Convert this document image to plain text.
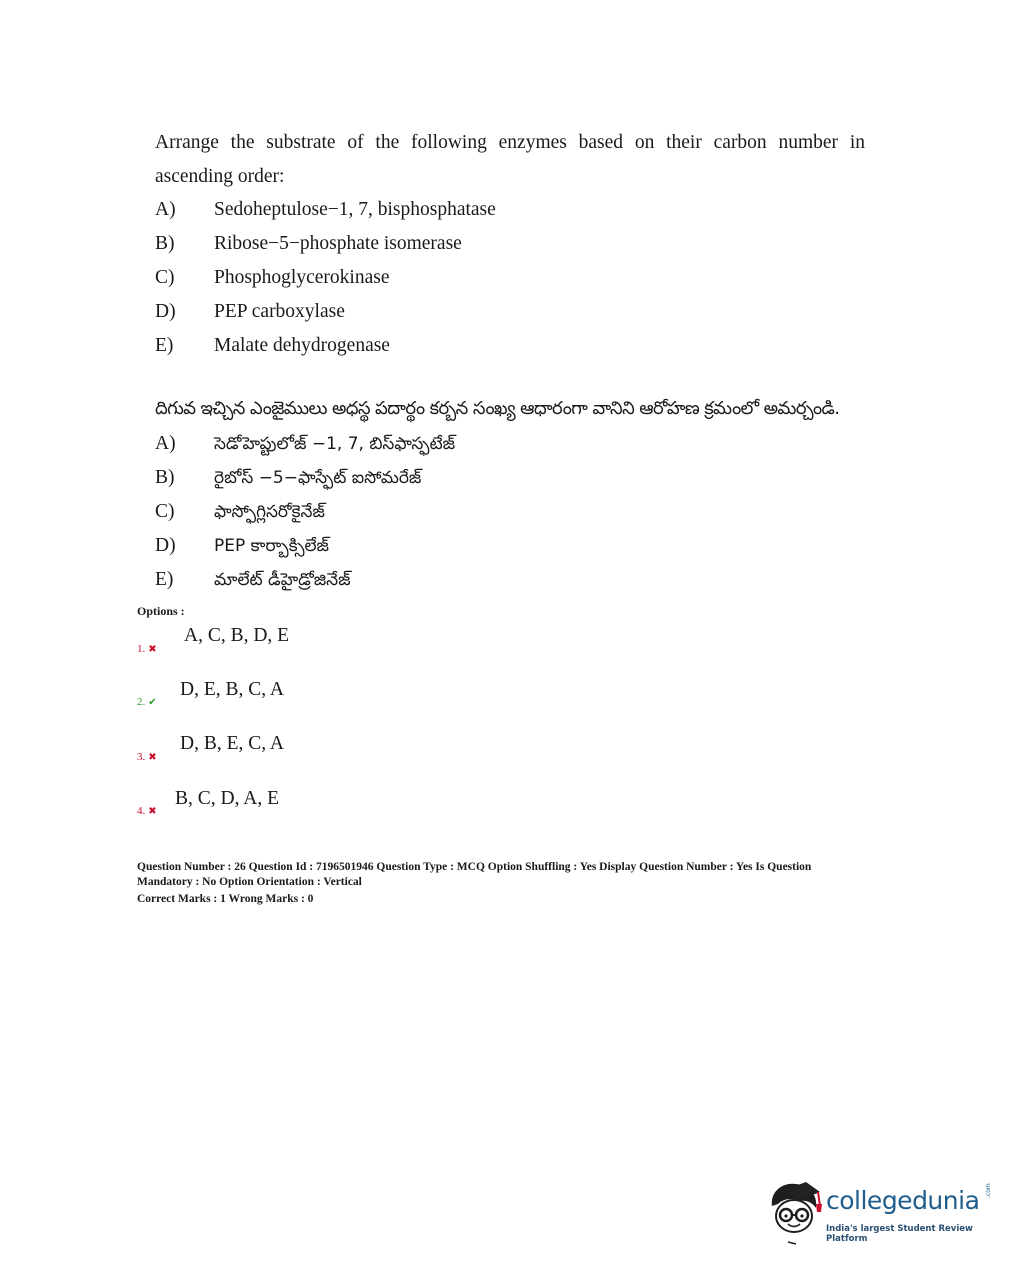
Arrange the substrate of the following enzymes based on their carbon number in
ascending order:
A) Sedoheptulose−1, 7, bisphosphatase
B) Ribose−5−phosphate isomerase
C) Phosphoglycerokinase
D) PEP carboxylase
E) Malate dehydrogenase
దిగువ ఇచ్చిన ఎంజైములు అధస్థ పదార్థం కర్బన సంఖ్య ఆధారంగా వానిని ఆరోహణ క్రమంలో అమర్చండి.
A) సెడోహెప్టులోజ్ −1, 7, బిస్‌ఫాస్ఫటేజ్
B) రైబోస్ −5−ఫాస్ఫేట్ ఐసోమరేజ్
C) ఫాస్ఫోగ్లిసరోకైనేజ్
D) PEP కార్బాక్సిలేజ్
E) మాలేట్ డీహైడ్రోజినేజ్
Options :
A, C, B, D, E
1. ✖
D, E, B, C, A
2. ✔
D, B, E, C, A
3. ✖
B, C, D, A, E
4. ✖
Question Number : 26 Question Id : 7196501946 Question Type : MCQ Option Shuffling : Yes Display Question Number : Yes Is Question
Mandatory : No Option Orientation : Vertical
Correct Marks : 1 Wrong Marks : 0
collegedunia .com
India's largest Student Review Platform
